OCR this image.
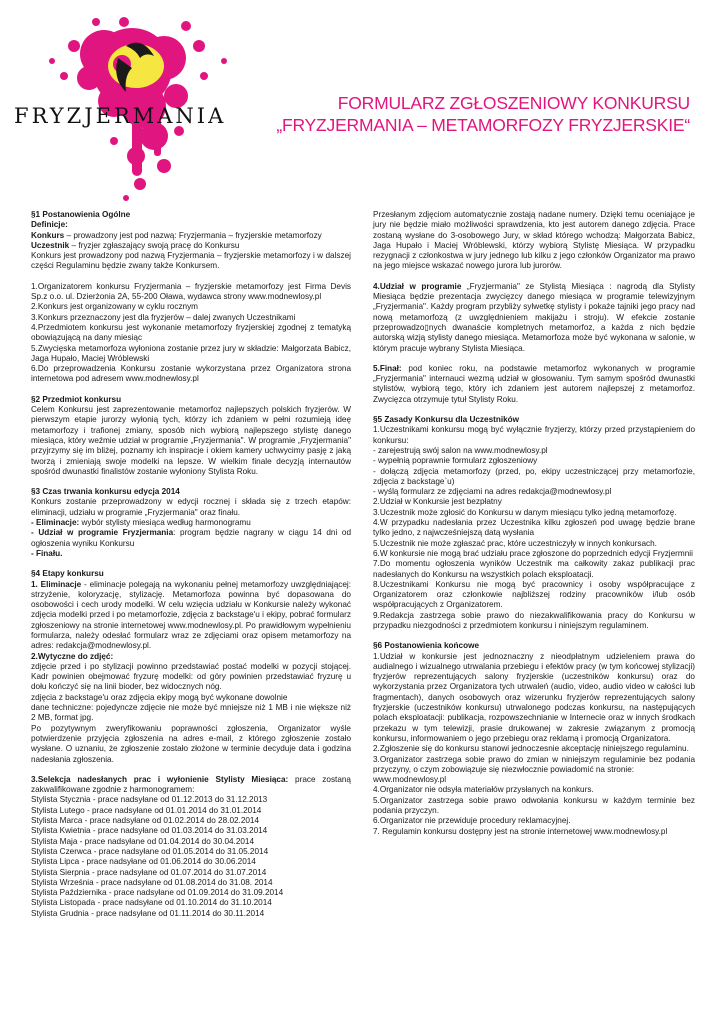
FRYZJERMANIA
FORMULARZ ZGŁOSZENIOWY KONKURSU
„FRYZJERMANIA – METAMORFOZY FRYZJERSKIE“

§1 Postanowienia Ogólne

Definicje:

Konkurs – prowadzony jest pod nazwą: Fryzjermania – fryzjerskie metamorfozy

Uczestnik – fryzjer zgłaszający swoją pracę do Konkursu

Konkurs jest prowadzony pod nazwą Fryzjermania – fryzjerskie metamorfozy i w dalszej części Regulaminu będzie zwany także Konkursem.

1.Organizatorem konkursu Fryzjermania – fryzjerskie metamorfozy jest Firma Devis Sp.z o.o. ul. Dzierżonia 2A, 55-200 Oława, wydawca strony www.modnewlosy.pl

2.Konkurs jest organizowany w cyklu rocznym

3.Konkurs przeznaczony jest dla fryzjerów – dalej zwanych Uczestnikami

4.Przedmiotem konkursu jest wykonanie metamorfozy fryzjerskiej zgodnej z tematyką obowiązującą na dany miesiąc

5.Zwycięska metamorfoza wyłoniona zostanie przez jury w składzie: Małgorzata Babicz, Jaga Hupało, Maciej Wróblewski

6.Do przeprowadzenia Konkursu zostanie wykorzystana przez Organizatora strona internetowa pod adresem www.modnewlosy.pl

§2 Przedmiot konkursu

Celem Konkursu jest zaprezentowanie metamorfoz najlepszych polskich fryzjerów. W pierwszym etapie jurorzy wyłonią tych, którzy ich zdaniem w pełni rozumieją ideę metamorfozy i trafionej zmiany, sposób nich wybiorą najlepszego stylistę danego miesiąca, który weźmie udział w programie „Fryzjermania". W programie „Fryzjermania" przyjrzymy się im bliżej, poznamy ich inspiracje i okiem kamery uchwycimy pasję z jaką tworzą i zmieniają swoje modelki na lepsze. W wielkim finale decyzją internautów spośród dwunastki finalistów zostanie wyłoniony Stylista Roku.

§3 Czas trwania konkursu edycja 2014

Konkurs zostanie przeprowadzony w edycji rocznej i składa się z trzech etapów: eliminacji, udziału w programie „Fryzjermania" oraz finału.

- Eliminacje: wybór stylisty miesiąca według harmonogramu

- Udział w programie Fryzjermania: program będzie nagrany w ciągu 14 dni od ogłoszenia wyniku Konkursu

- Finału.

§4 Etapy konkursu

1. Eliminacje - eliminacje polegają na wykonaniu pełnej metamorfozy uwzględniającej: strzyżenie, koloryzację, stylizację. Metamorfoza powinna być dopasowana do osobowości i cech urody modelki. W celu wzięcia udziału w Konkursie należy wykonać zdjęcia modelki przed i po metamorfozie, zdjęcia z backstage'u i ekipy, pobrać formularz zgłoszeniowy na stronie internetowej www.modnewlosy.pl. Po prawidłowym wypełnieniu formularza, należy odesłać formularz wraz ze zdjęciami oraz opisem metamorfozy na adres: redakcja@modnewlosy.pl.

2.Wytyczne do zdjęć:

zdjęcie przed i po stylizacji powinno przedstawiać postać modelki w pozycji stojącej. Kadr powinien obejmować fryzurę modelki: od góry powinien przedstawiać fryzurę u dołu kończyć się na linii bioder, bez widocznych nóg.

zdjęcia z backstage'u oraz zdjęcia ekipy mogą być wykonane dowolnie

dane techniczne: pojedyncze zdjęcie nie może być mniejsze niż 1 MB i nie większe niż 2 MB, format jpg.

Po pozytywnym zweryfikowaniu poprawności zgłoszenia, Organizator wyśle potwierdzenie przyjęcia zgłoszenia na adres e-mail, z którego zgłoszenie zostało wysłane. O uznaniu, że zgłoszenie zostało złożone w terminie decyduje data i godzina nadesłania zgłoszenia.

3.Selekcja nadesłanych prac i wyłonienie Stylisty Miesiąca: prace zostaną zakwalifikowane zgodnie z harmonogramem:

Stylista Stycznia - prace nadsyłane od 01.12.2013 do 31.12.2013
Stylista Lutego - prace nadsyłane od 01.01.2014 do 31.01.2014
Stylista Marca - prace nadsyłane od 01.02.2014 do 28.02.2014
Stylista Kwietnia - prace nadsyłane od 01.03.2014 do 31.03.2014
Stylista Maja - prace nadsyłane od 01.04.2014 do 30.04.2014
Stylista Czerwca - prace nadsyłane od 01.05.2014 do 31.05.2014
Stylista Lipca - prace nadsyłane od 01.06.2014 do 30.06.2014
Stylista Sierpnia - prace nadsyłane od 01.07.2014 do 31.07.2014
Stylista Września - prace nadsyłane od 01.08.2014 do 31.08. 2014
Stylista Października - prace nadsyłane od 01.09.2014 do 31.09.2014
Stylista Listopada - prace nadsyłane od 01.10.2014 do 31.10.2014
Stylista Grudnia - prace nadsyłane od 01.11.2014 do 30.11.2014

Przesłanym zdjęciom automatycznie zostają nadane numery. Dzięki temu oceniające je jury nie będzie miało możliwości sprawdzenia, kto jest autorem danego zdjęcia. Prace zostaną wysłane do 3-osobowego Jury, w skład którego wchodzą: Małgorzata Babicz, Jaga Hupało i Maciej Wróblewski, którzy wybiorą Stylistę Miesiąca. W przypadku rezygnacji z członkostwa w jury jednego lub kilku z jego członków Organizator ma prawo na jego miejsce wskazać nowego jurora lub jurorów.

4.Udział w programie „Fryzjermania" ze Stylistą Miesiąca : nagrodą dla Stylisty Miesiąca będzie prezentacja zwycięzcy danego miesiąca w programie telewizyjnym „Fryzjermania". Każdy program przybliży sylwetkę stylisty i pokaże tajniki jego pracy nad nową metamorfozą (z uwzględnieniem makijażu i stroju). W efekcie zostanie przeprowadzo▯nych dwanaście kompletnych metamorfoz, a każda z nich będzie autorską wizją stylisty danego miesiąca. Metamorfoza może być wykonana w salonie, w którym pracuje wybrany Stylista Miesiąca.

5.Finał: pod koniec roku, na podstawie metamorfoz wykonanych w programie „Fryzjermania" internauci wezmą udział w głosowaniu. Tym samym spośród dwunastki stylistów, wybiorą tego, który ich zdaniem jest autorem najlepszej z metamorfoz. Zwycięzca otrzymuje tytuł Stylisty Roku.

§5 Zasady Konkursu dla Uczestników

1.Uczestnikami konkursu mogą być wyłącznie fryzjerzy, którzy przed przystąpieniem do konkursu:

- zarejestrują swój salon na www.modnewlosy.pl

- wypełnią poprawnie formularz zgłoszeniowy

- dołączą zdjęcia metamorfozy (przed, po, ekipy uczestniczącej przy metamorfozie, zdjęcia z backstage`u)

- wyślą formularz ze zdjęciami na adres redakcja@modnewlosy.pl

2.Udział w Konkursie jest bezpłatny

3.Uczestnik może zgłosić do Konkursu w danym miesiącu tylko jedną metamorfozę.

4.W przypadku nadesłania przez Uczestnika kilku zgłoszeń pod uwagę będzie brane tylko jedno, z najwcześniejszą datą wysłania

5.Uczestnik nie może zgłaszać prac, które uczestniczyły w innych konkursach.

6.W konkursie nie mogą brać udziału prace zgłoszone do poprzednich edycji Fryzjermnii

7.Do momentu ogłoszenia wyników Uczestnik ma całkowity zakaz publikacji prac nadesłanych do Konkursu na wszystkich polach eksploatacji.

8.Uczestnikami Konkursu nie mogą być pracownicy i osoby współpracujące z Organizatorem oraz członkowie najbliższej rodziny pracowników i/lub osób współpracujących z Organizatorem.

9.Redakcja zastrzega sobie prawo do niezakwalifikowania pracy do Konkursu w przypadku niezgodności z przedmiotem konkursu i niniejszym regulaminem.

§6 Postanowienia końcowe

1.Udział w konkursie jest jednoznaczny z nieodpłatnym udzieleniem prawa do audialnego i wizualnego utrwalania przebiegu i efektów pracy (w tym końcowej stylizacji) fryzjerów reprezentujących salony fryzjerskie (uczestników konkursu) oraz do wykorzystania przez Organizatora tych utrwaleń (audio, video, audio video w całości lub fragmentach), danych osobowych oraz wizerunku fryzjerów reprezentujących salony fryzjerskie (uczestników konkursu) utrwalonego podczas konkursu, na następujących polach eksploatacji: publikacja, rozpowszechnianie w Internecie oraz w innych środkach przekazu w tym telewizji, prasie drukowanej w zakresie związanym z promocją konkursu, informowaniem o jego przebiegu oraz reklamą i promocją Organizatora.

2.Zgłoszenie się do konkursu stanowi jednoczesnie akceptację niniejszego regulaminu.

3.Organizator zastrzega sobie prawo do zmian w niniejszym regulaminie bez podania przyczyny, o czym zobowiązuje się niezwłocznie powiadomić na stronie:

www.modnewlosy.pl

4.Organizator nie odsyła materiałów przysłanych na konkurs.

5.Organizator zastrzega sobie prawo odwołania konkursu w każdym terminie bez podania przyczyn.

6.Organizator nie przewiduje procedury reklamacyjnej.

7. Regulamin konkursu dostępny jest na stronie internetowej www.modnewlosy.pl
